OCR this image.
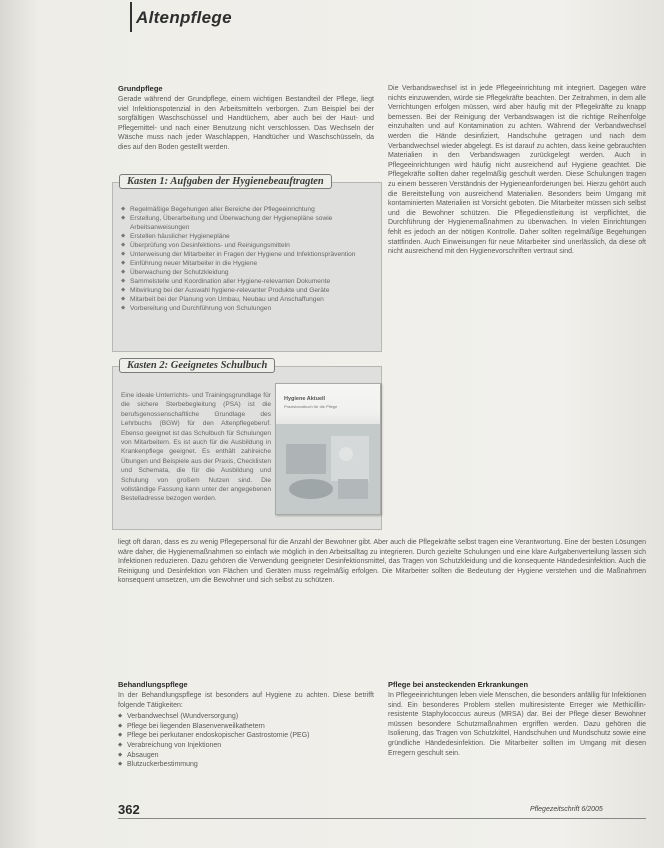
Altenpflege

Grundpflege

Gerade während der Grundpflege, einem wichtigen Bestandteil der Pflege, liegt viel Infektionspotenzial in den Arbeitsmitteln verborgen. Zum Beispiel bei der sorgfältigen Waschschüssel und Handtüchern, aber auch bei der Haut- und Pflegemittel- und nach einer Benutzung nicht verschlossen. Das Wechseln der Wäsche muss nach jeder Waschlappen, Handtücher und Waschschüsseln, da dies auf den Boden gestellt werden.

Kasten 1: Aufgaben der Hygienebeauftragten
◆ Regelmäßige Begehungen aller Bereiche der Pflegeeinrichtung
◆ Erstellung, Überarbeitung und Überwachung der Hygienepläne sowie Arbeitsanweisungen
◆ Erstellen häuslicher Hygienepläne
◆ Überprüfung von Desinfektions- und Reinigungsmitteln
◆ Unterweisung der Mitarbeiter in Fragen der Hygiene und Infektionsprävention
◆ Einführung neuer Mitarbeiter in die Hygiene
◆ Überwachung der Schutzkleidung
◆ Sammelstelle und Koordination aller Hygiene-relevanten Dokumente
◆ Mitwirkung bei der Auswahl hygiene-relevanter Produkte und Geräte
◆ Mitarbeit bei der Planung von Umbau, Neubau und Anschaffungen
◆ Vorbereitung und Durchführung von Schulungen
Kasten 2: Geeignetes Schulbuch

Eine ideale Unterrichts- und Trainingsgrundlage für die sichere Sterbebegleitung (PSA) ist die berufsgenossenschaftliche Grundlage des Lehrbuchs (BGW) für den Altenpflegeberuf. Ebenso geeignet ist das Schulbuch für Schulungen von Mitarbeitern. Es ist auch für die Ausbildung in Krankenpflege geeignet. Es enthält zahlreiche Übungen und Beispiele aus der Praxis, Checklisten und Schemata, die für die Ausbildung und Schulung von großem Nutzen sind. Die vollständige Fassung kann unter der angegebenen Bestelladresse bezogen werden.

Hygiene Aktuell
Praxishandbuch für die Pflege

Die Verbandswechsel ist in jede Pflegeeinrichtung mit integriert. Dagegen wäre nichts einzuwenden, würde sie Pflegekräfte beachten. Der Zeitrahmen, in dem alle Verrichtungen erfolgen müssen, wird aber häufig mit der Pflegekräfte zu knapp bemessen. Bei der Reinigung der Verbandswagen ist die richtige Reihenfolge einzuhalten und auf Kontamination zu achten. Während der Verbandwechsel werden die Hände desinfiziert, Handschuhe getragen und nach dem Verbandwechsel wieder abgelegt. Es ist darauf zu achten, dass keine gebrauchten Materialien in den Verbandswagen zurückgelegt werden. Auch in Pflegeeinrichtungen wird häufig nicht ausreichend auf Hygiene geachtet. Die Pflegekräfte sollten daher regelmäßig geschult werden. Diese Schulungen tragen zu einem besseren Verständnis der Hygieneanforderungen bei. Hierzu gehört auch die Bereitstellung von ausreichend Materialien. Besonders beim Umgang mit kontaminierten Materialien ist Vorsicht geboten. Die Mitarbeiter müssen sich selbst und die Bewohner schützen. Die Pflegedienstleitung ist verpflichtet, die Durchführung der Hygienemaßnahmen zu überwachen. In vielen Einrichtungen fehlt es jedoch an der nötigen Kontrolle. Daher sollten regelmäßige Begehungen stattfinden. Auch Einweisungen für neue Mitarbeiter sind unerlässlich, da diese oft nicht ausreichend mit den Hygienevorschriften vertraut sind.

liegt oft daran, dass es zu wenig Pflegepersonal für die Anzahl der Bewohner gibt. Aber auch die Pflegekräfte selbst tragen eine Verantwortung. Eine der besten Lösungen wäre daher, die Hygienemaßnahmen so einfach wie möglich in den Arbeitsalltag zu integrieren. Durch gezielte Schulungen und eine klare Aufgabenverteilung lassen sich Infektionen reduzieren. Dazu gehören die Verwendung geeigneter Desinfektionsmittel, das Tragen von Schutzkleidung und die konsequente Händedesinfektion. Auch die Reinigung und Desinfektion von Flächen und Geräten muss regelmäßig erfolgen. Die Mitarbeiter sollten die Bedeutung der Hygiene verstehen und die Maßnahmen konsequent umsetzen, um die Bewohner und sich selbst zu schützen.

Behandlungspflege

In der Behandlungspflege ist besonders auf Hygiene zu achten. Diese betrifft folgende Tätigkeiten:

◆ Verbandwechsel (Wundversorgung)
◆ Pflege bei liegenden Blasenverweilkathetern
◆ Pflege bei perkutaner endoskopischer Gastrostomie (PEG)
◆ Verabreichung von Injektionen
◆ Absaugen
◆ Blutzuckerbestimmung

Pflege bei ansteckenden Erkrankungen

In Pflegeeinrichtungen leben viele Menschen, die besonders anfällig für Infektionen sind. Ein besonderes Problem stellen multiresistente Erreger wie Methicillin-resistente Staphylococcus aureus (MRSA) dar. Bei der Pflege dieser Bewohner müssen besondere Schutzmaßnahmen ergriffen werden. Dazu gehören die Isolierung, das Tragen von Schutzkittel, Handschuhen und Mundschutz sowie eine gründliche Händedesinfektion. Die Mitarbeiter sollten im Umgang mit diesen Erregern geschult sein.

362	Pflegezeitschrift 6/2005
